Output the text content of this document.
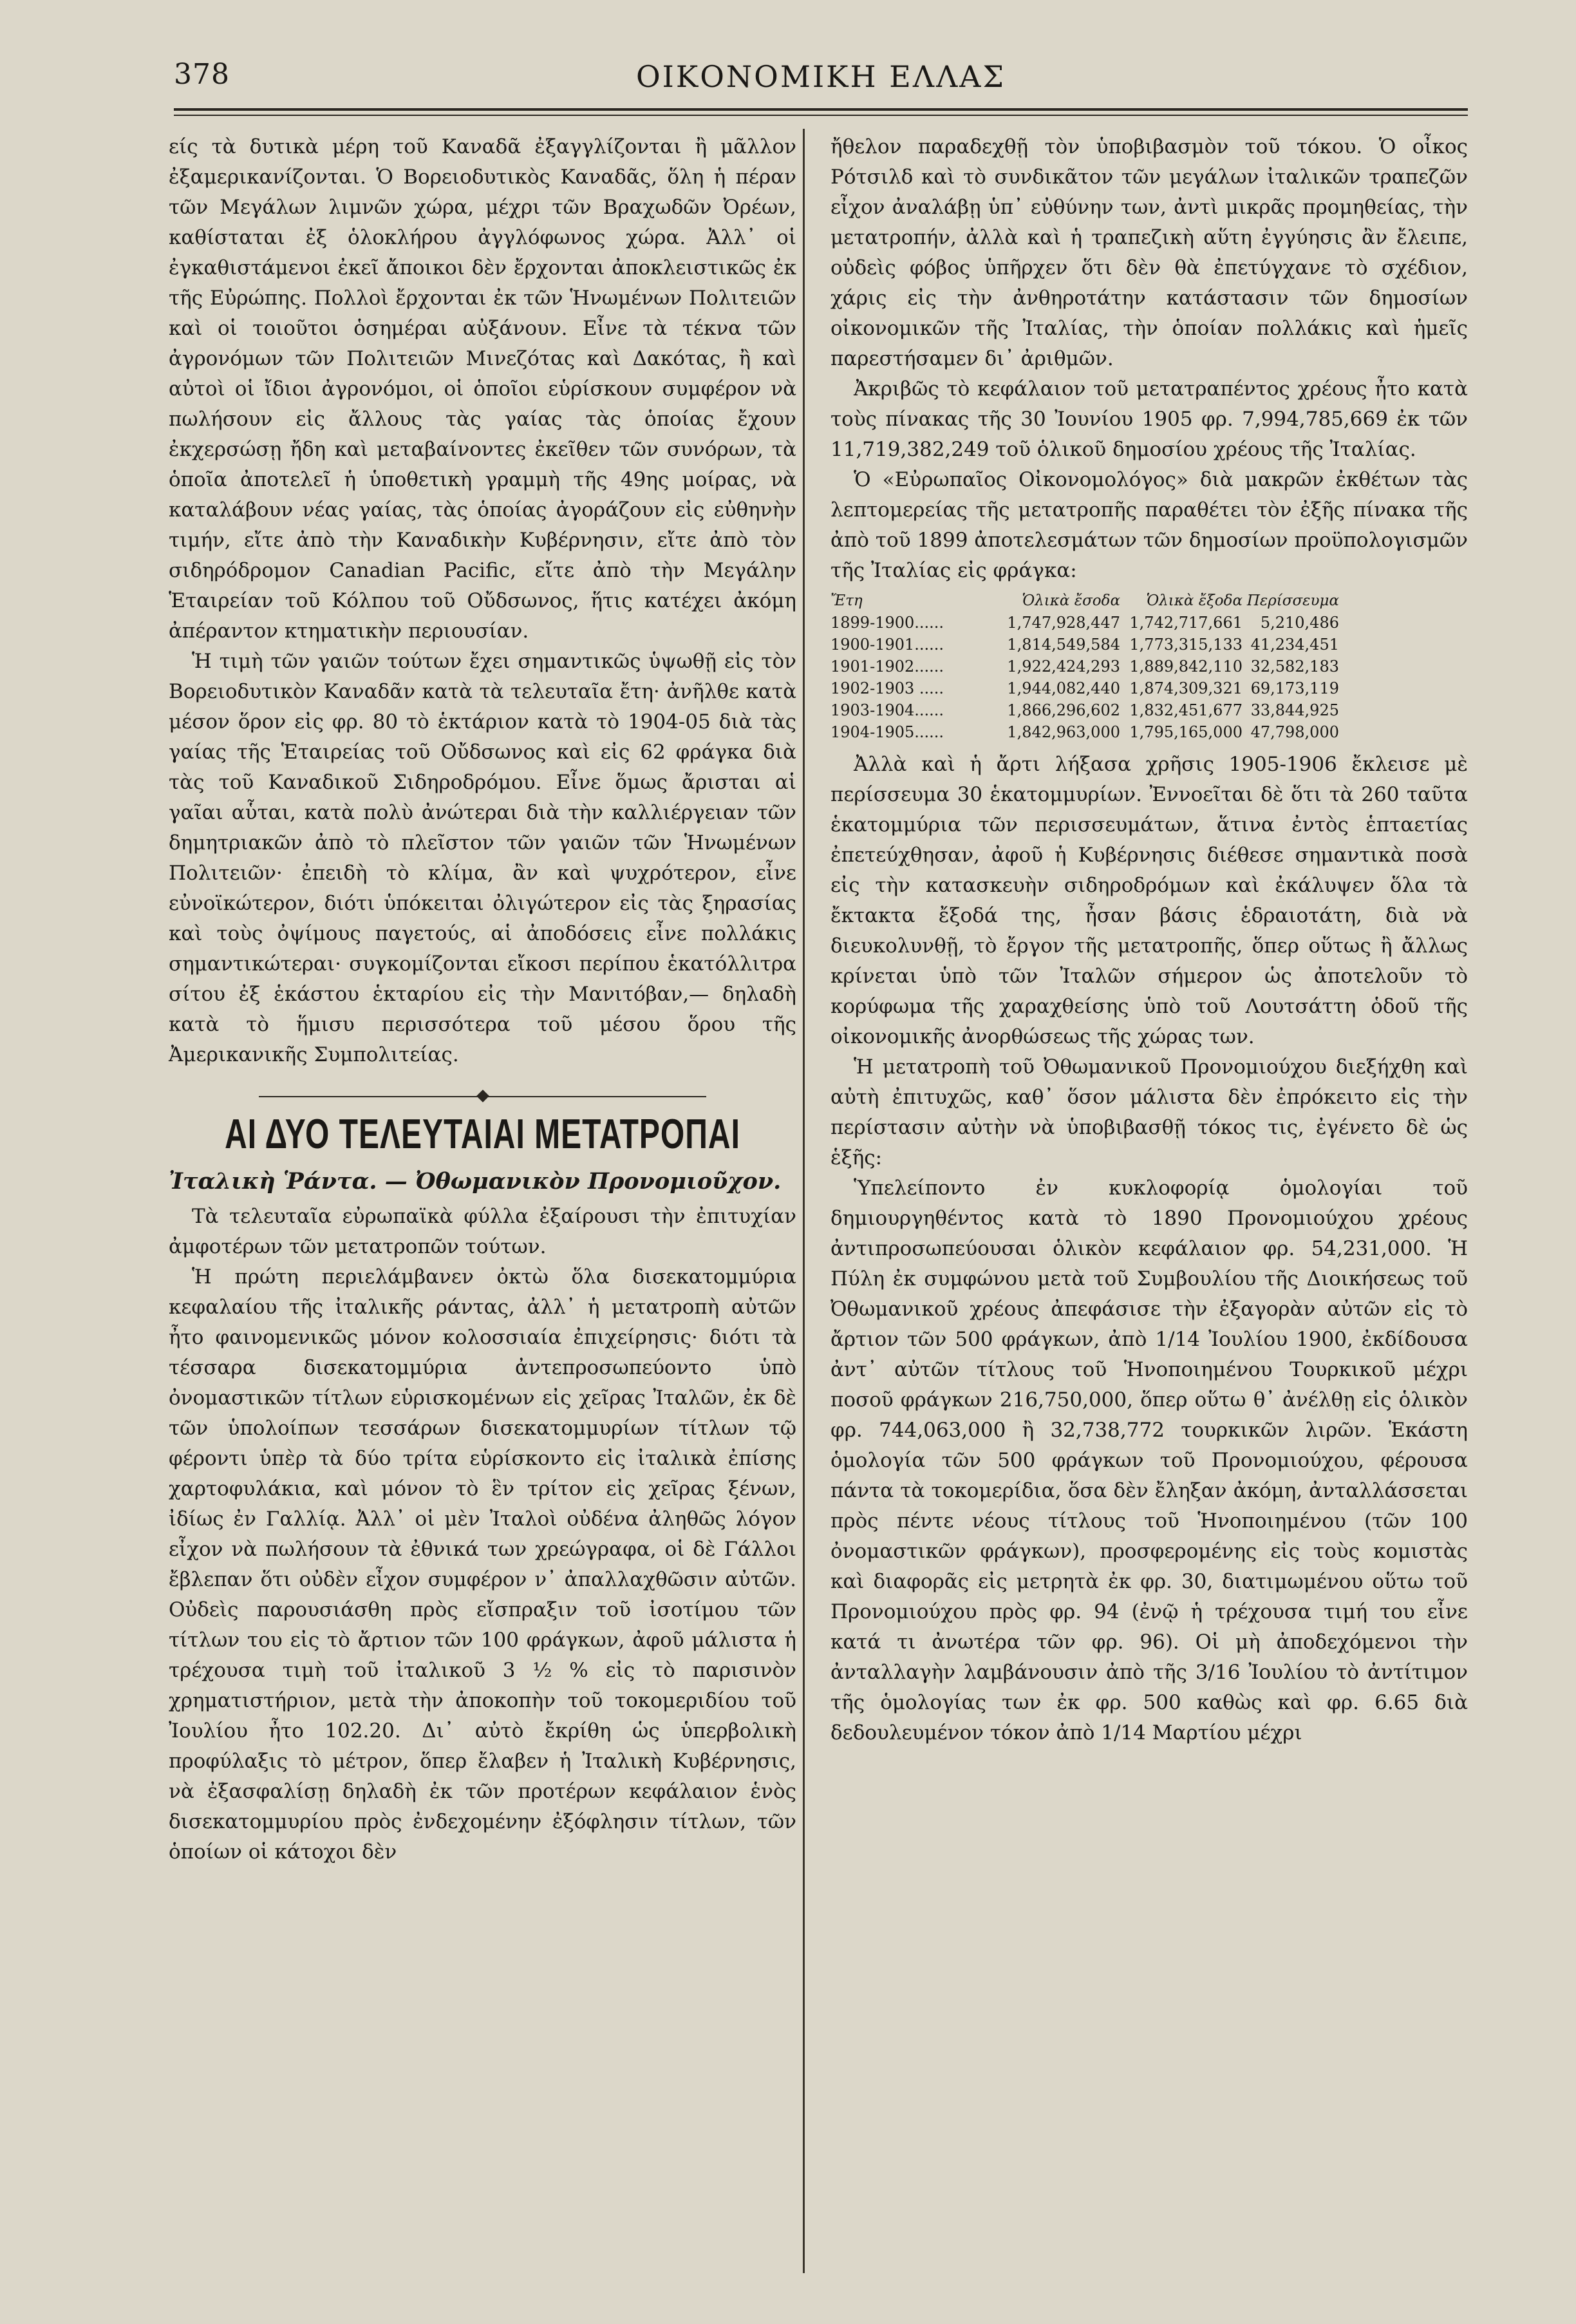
378	ΟΙΚΟΝΟΜΙΚΗ ΕΛΛΑΣ

είς τὰ δυτικὰ μέρη τοῦ Καναδᾶ ἐξαγγλίζονται ἢ μᾶλλον ἐξαμερικανίζονται. Ὁ Βορειοδυτικὸς Καναδᾶς, ὅλη ἡ πέραν τῶν Μεγάλων λιμνῶν χώρα, μέχρι τῶν Βραχωδῶν Ὀρέων, καθίσταται ἐξ ὁλοκλήρου ἀγγλόφωνος χώρα. Ἀλλ᾽ οἱ ἐγκαθιστάμενοι ἐκεῖ ἄποικοι δὲν ἔρχονται ἀποκλειστικῶς ἐκ τῆς Εὐρώπης. Πολλοὶ ἔρχονται ἐκ τῶν Ἡνωμένων Πολιτειῶν καὶ οἱ τοιοῦτοι ὁσημέραι αὐξάνουν. Εἶνε τὰ τέκνα τῶν ἀγρονόμων τῶν Πολιτειῶν Μινεζότας καὶ Δακότας, ἢ καὶ αὐτοὶ οἱ ἴδιοι ἀγρονόμοι, οἱ ὁποῖοι εὑρίσκουν συμφέρον νὰ πωλήσουν εἰς ἄλλους τὰς γαίας τὰς ὁποίας ἔχουν ἐκχερσώσῃ ἤδη καὶ μεταβαίνοντες ἐκεῖθεν τῶν συνόρων, τὰ ὁποῖα ἀποτελεῖ ἡ ὑποθετικὴ γραμμὴ τῆς 49ης μοίρας, νὰ καταλάβουν νέας γαίας, τὰς ὁποίας ἀγοράζουν εἰς εὐθηνὴν τιμήν, εἴτε ἀπὸ τὴν Καναδικὴν Κυβέρνησιν, εἴτε ἀπὸ τὸν σιδηρόδρομον Canadian Pacific, εἴτε ἀπὸ τὴν Μεγάλην Ἑταιρείαν τοῦ Κόλπου τοῦ Οὔδσωνος, ἥτις κατέχει ἀκόμη ἀπέραντον κτηματικὴν περιουσίαν.

Ἡ τιμὴ τῶν γαιῶν τούτων ἔχει σημαντικῶς ὑψωθῇ εἰς τὸν Βορειοδυτικὸν Καναδᾶν κατὰ τὰ τελευταῖα ἔτη· ἀνῆλθε κατὰ μέσον ὅρον εἰς φρ. 80 τὸ ἑκτάριον κατὰ τὸ 1904-05 διὰ τὰς γαίας τῆς Ἑταιρείας τοῦ Οὔδσωνος καὶ εἰς 62 φράγκα διὰ τὰς τοῦ Καναδικοῦ Σιδηροδρόμου. Εἶνε ὅμως ἄρισται αἱ γαῖαι αὗται, κατὰ πολὺ ἀνώτεραι διὰ τὴν καλλιέργειαν τῶν δημητριακῶν ἀπὸ τὸ πλεῖστον τῶν γαιῶν τῶν Ἡνωμένων Πολιτειῶν· ἐπειδὴ τὸ κλίμα, ἂν καὶ ψυχρότερον, εἶνε εὐνοϊκώτερον, διότι ὑπόκειται ὀλιγώτερον εἰς τὰς ξηρασίας καὶ τοὺς ὀψίμους παγετούς, αἱ ἀποδόσεις εἶνε πολλάκις σημαντικώτεραι· συγκομίζονται εἴκοσι περίπου ἑκατόλλιτρα σίτου ἐξ ἑκάστου ἑκταρίου εἰς τὴν Μανιτόβαν,— δηλαδὴ κατὰ τὸ ἥμισυ περισσότερα τοῦ μέσου ὅρου τῆς Ἀμερικανικῆς Συμπολιτείας.

ΑΙ ΔΥΟ ΤΕΛΕΥΤΑΙΑΙ ΜΕΤΑΤΡΟΠΑΙ
Ἰταλικὴ Ῥάντα. — Ὀθωμανικὸν Προνομιοῦχον.

Τὰ τελευταῖα εὐρωπαϊκὰ φύλλα ἐξαίρουσι τὴν ἐπιτυχίαν ἀμφοτέρων τῶν μετατροπῶν τούτων.

Ἡ πρώτη περιελάμβανεν ὀκτὼ ὅλα δισεκατομμύρια κεφαλαίου τῆς ἰταλικῆς ράντας, ἀλλ᾽ ἡ μετατροπὴ αὐτῶν ἦτο φαινομενικῶς μόνον κολοσσιαία ἐπιχείρησις· διότι τὰ τέσσαρα δισεκατομμύρια ἀντεπροσωπεύοντο ὑπὸ ὀνομαστικῶν τίτλων εὑρισκομένων εἰς χεῖρας Ἰταλῶν, ἐκ δὲ τῶν ὑπολοίπων τεσσάρων δισεκατομμυρίων τίτλων τῷ φέροντι ὑπὲρ τὰ δύο τρίτα εὑρίσκοντο εἰς ἰταλικὰ ἐπίσης χαρτοφυλάκια, καὶ μόνον τὸ ἓν τρίτον εἰς χεῖρας ξένων, ἰδίως ἐν Γαλλίᾳ. Ἀλλ᾽ οἱ μὲν Ἰταλοὶ οὐδένα ἀληθῶς λόγον εἶχον νὰ πωλήσουν τὰ ἐθνικά των χρεώγραφα, οἱ δὲ Γάλλοι ἔβλεπαν ὅτι οὐδὲν εἶχον συμφέρον ν᾽ ἀπαλλαχθῶσιν αὐτῶν. Οὐδεὶς παρουσιάσθη πρὸς εἴσπραξιν τοῦ ἰσοτίμου τῶν τίτλων του εἰς τὸ ἄρτιον τῶν 100 φράγκων, ἀφοῦ μάλιστα ἡ τρέχουσα τιμὴ τοῦ ἰταλικοῦ 3 ½ % εἰς τὸ παρισινὸν χρηματιστήριον, μετὰ τὴν ἀποκοπὴν τοῦ τοκομεριδίου τοῦ Ἰουλίου ἦτο 102.20. Δι᾽ αὐτὸ ἔκρίθη ὡς ὑπερβολικὴ προφύλαξις τὸ μέτρον, ὅπερ ἔλαβεν ἡ Ἰταλικὴ Κυβέρνησις, νὰ ἐξασφαλίσῃ δηλαδὴ ἐκ τῶν προτέρων κεφάλαιον ἑνὸς δισεκατομμυρίου πρὸς ἐνδεχομένην ἐξόφλησιν τίτλων, τῶν ὁποίων οἱ κάτοχοι δὲν

ἤθελον παραδεχθῇ τὸν ὑποβιβασμὸν τοῦ τόκου. Ὁ οἶκος Ρότσιλδ καὶ τὸ συνδικᾶτον τῶν μεγάλων ἰταλικῶν τραπεζῶν εἶχον ἀναλάβῃ ὑπ᾽ εὐθύνην των, ἀντὶ μικρᾶς προμηθείας, τὴν μετατροπήν, ἀλλὰ καὶ ἡ τραπεζικὴ αὕτη ἐγγύησις ἂν ἔλειπε, οὐδεὶς φόβος ὑπῆρχεν ὅτι δὲν θὰ ἐπετύγχανε τὸ σχέδιον, χάρις εἰς τὴν ἀνθηροτάτην κατάστασιν τῶν δημοσίων οἰκονομικῶν τῆς Ἰταλίας, τὴν ὁποίαν πολλάκις καὶ ἡμεῖς παρεστήσαμεν δι᾽ ἀριθμῶν.

Ἀκριβῶς τὸ κεφάλαιον τοῦ μετατραπέντος χρέους ἦτο κατὰ τοὺς πίνακας τῆς 30 Ἰουνίου 1905 φρ. 7,994,785,669 ἐκ τῶν 11,719,382,249 τοῦ ὁλικοῦ δημοσίου χρέους τῆς Ἰταλίας.

Ὁ «Εὐρωπαῖος Οἰκονομολόγος» διὰ μακρῶν ἐκθέτων τὰς λεπτομερείας τῆς μετατροπῆς παραθέτει τὸν ἐξῆς πίνακα τῆς ἀπὸ τοῦ 1899 ἀποτελεσμάτων τῶν δημοσίων προϋπολογισμῶν τῆς Ἰταλίας εἰς φράγκα:

Ἔτη	Ὁλικὰ ἔσοδα	Ὁλικὰ ἔξοδα Περίσσευμα
1899-1900......	1,747,928,447 1,742,717,661	5,210,486
1900-1901......	1,814,549,584 1,773,315,133 41,234,451
1901-1902......	1,922,424,293 1,889,842,110 32,582,183
1902-1903 .....	1,944,082,440 1,874,309,321 69,173,119
1903-1904......	1,866,296,602 1,832,451,677 33,844,925
1904-1905......	1,842,963,000 1,795,165,000 47,798,000

Ἀλλὰ καὶ ἡ ἄρτι λήξασα χρῆσις 1905-1906 ἔκλεισε μὲ περίσσευμα 30 ἑκατομμυρίων. Ἐννοεῖται δὲ ὅτι τὰ 260 ταῦτα ἑκατομμύρια τῶν περισσευμάτων, ἅτινα ἐντὸς ἑπταετίας ἐπετεύχθησαν, ἀφοῦ ἡ Κυβέρνησις διέθεσε σημαντικὰ ποσὰ εἰς τὴν κατασκευὴν σιδηροδρόμων καὶ ἐκάλυψεν ὅλα τὰ ἔκτακτα ἔξοδά της, ἦσαν βάσις ἑδραιοτάτη, διὰ νὰ διευκολυνθῇ, τὸ ἔργον τῆς μετατροπῆς, ὅπερ οὕτως ἢ ἄλλως κρίνεται ὑπὸ τῶν Ἰταλῶν σήμερον ὡς ἀποτελοῦν τὸ κορύφωμα τῆς χαραχθείσης ὑπὸ τοῦ Λουτσάττη ὁδοῦ τῆς οἰκονομικῆς ἀνορθώσεως τῆς χώρας των.

Ἡ μετατροπὴ τοῦ Ὀθωμανικοῦ Προνομιούχου διεξήχθη καὶ αὐτὴ ἐπιτυχῶς, καθ᾽ ὅσον μάλιστα δὲν ἐπρόκειτο εἰς τὴν περίστασιν αὐτὴν νὰ ὑποβιβασθῇ τόκος τις, ἐγένετο δὲ ὡς ἑξῆς:

Ὑπελείποντο ἐν κυκλοφορίᾳ ὁμολογίαι τοῦ δημιουργηθέντος κατὰ τὸ 1890 Προνομιούχου χρέους ἀντιπροσωπεύουσαι ὁλικὸν κεφάλαιον φρ. 54,231,000. Ἡ Πύλη ἐκ συμφώνου μετὰ τοῦ Συμβουλίου τῆς Διοικήσεως τοῦ Ὀθωμανικοῦ χρέους ἀπεφάσισε τὴν ἐξαγορὰν αὐτῶν εἰς τὸ ἄρτιον τῶν 500 φράγκων, ἀπὸ 1/14 Ἰουλίου 1900, ἐκδίδουσα ἀντ᾽ αὐτῶν τίτλους τοῦ Ἡνοποιημένου Τουρκικοῦ μέχρι ποσοῦ φράγκων 216,750,000, ὅπερ οὕτω θ᾽ ἀνέλθῃ εἰς ὁλικὸν φρ. 744,063,000 ἢ 32,738,772 τουρκικῶν λιρῶν. Ἑκάστη ὁμολογία τῶν 500 φράγκων τοῦ Προνομιούχου, φέρουσα πάντα τὰ τοκομερίδια, ὅσα δὲν ἔληξαν ἀκόμη, ἀνταλλάσσεται πρὸς πέντε νέους τίτλους τοῦ Ἡνοποιημένου (τῶν 100 ὀνομαστικῶν φράγκων), προσφερομένης εἰς τοὺς κομιστὰς καὶ διαφορᾶς εἰς μετρητὰ ἐκ φρ. 30, διατιμωμένου οὕτω τοῦ Προνομιούχου πρὸς φρ. 94 (ἐνῷ ἡ τρέχουσα τιμή του εἶνε κατά τι ἀνωτέρα τῶν φρ. 96). Οἱ μὴ ἀποδεχόμενοι τὴν ἀνταλλαγὴν λαμβάνουσιν ἀπὸ τῆς 3/16 Ἰουλίου τὸ ἀντίτιμον τῆς ὁμολογίας των ἐκ φρ. 500 καθὼς καὶ φρ. 6.65 διὰ δεδουλευμένον τόκον ἀπὸ 1/14 Μαρτίου μέχρι
